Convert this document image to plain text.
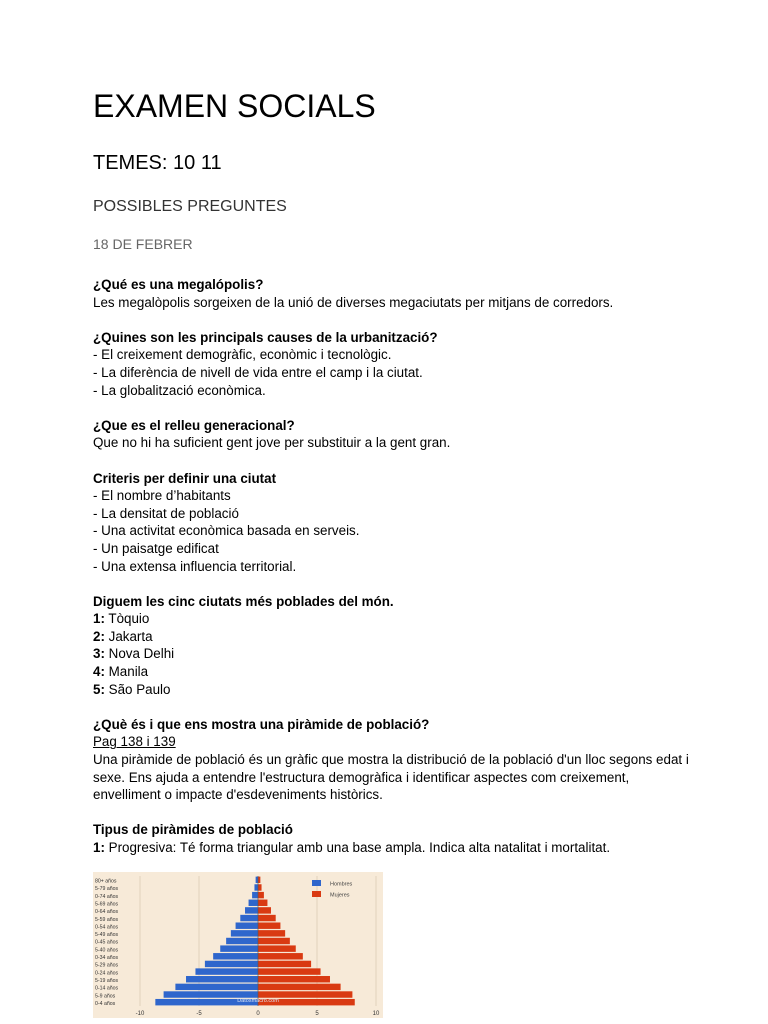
EXAMEN SOCIALS
TEMES: 10 11
POSSIBLES PREGUNTES

18 DE FEBRER

¿Qué es una megalópolis?

Les megalòpolis sorgeixen de la unió de diverses megaciutats per mitjans de corredors.

¿Quines son les principals causes de la urbanització?

- El creixement demogràfic, econòmic i tecnològic.

- La diferència de nivell de vida entre el camp i la ciutat.

- La globalització econòmica.

¿Que es el relleu generacional?

Que no hi ha suficient gent jove per substituir a la gent gran.

Criteris per definir una ciutat

- El nombre d’habitants

- La densitat de població

- Una activitat econòmica basada en serveis.

- Un paisatge edificat

- Una extensa influencia territorial.

Diguem les cinc ciutats més poblades del món.

1: Tòquio

2: Jakarta

3: Nova Delhi

4: Manila

5: São Paulo

¿Què és i que ens mostra una piràmide de població?

Pag 138 i 139

Una piràmide de població és un gràfic que mostra la distribució de la població d'un lloc segons edat i sexe. Ens ajuda a entendre l'estructura demogràfica i identificar aspectes com creixement, envelliment o impacte d'esdeveniments històrics.

Tipus de piràmides de població

1: Progresiva: Té forma triangular amb una base ampla. Indica alta natalitat i mortalitat.

80+ años
5-79 años
0-74 años
5-69 años
0-64 años
5-59 años
0-54 años
5-49 años
0-45 años
5-40 años
0-34 años
5-29 años
0-24 años
5-19 años
0-14 años
5-9 años
0-4 años
-10	-5	0	5	10
Hombres
Mujeres
Datosmacro.com
